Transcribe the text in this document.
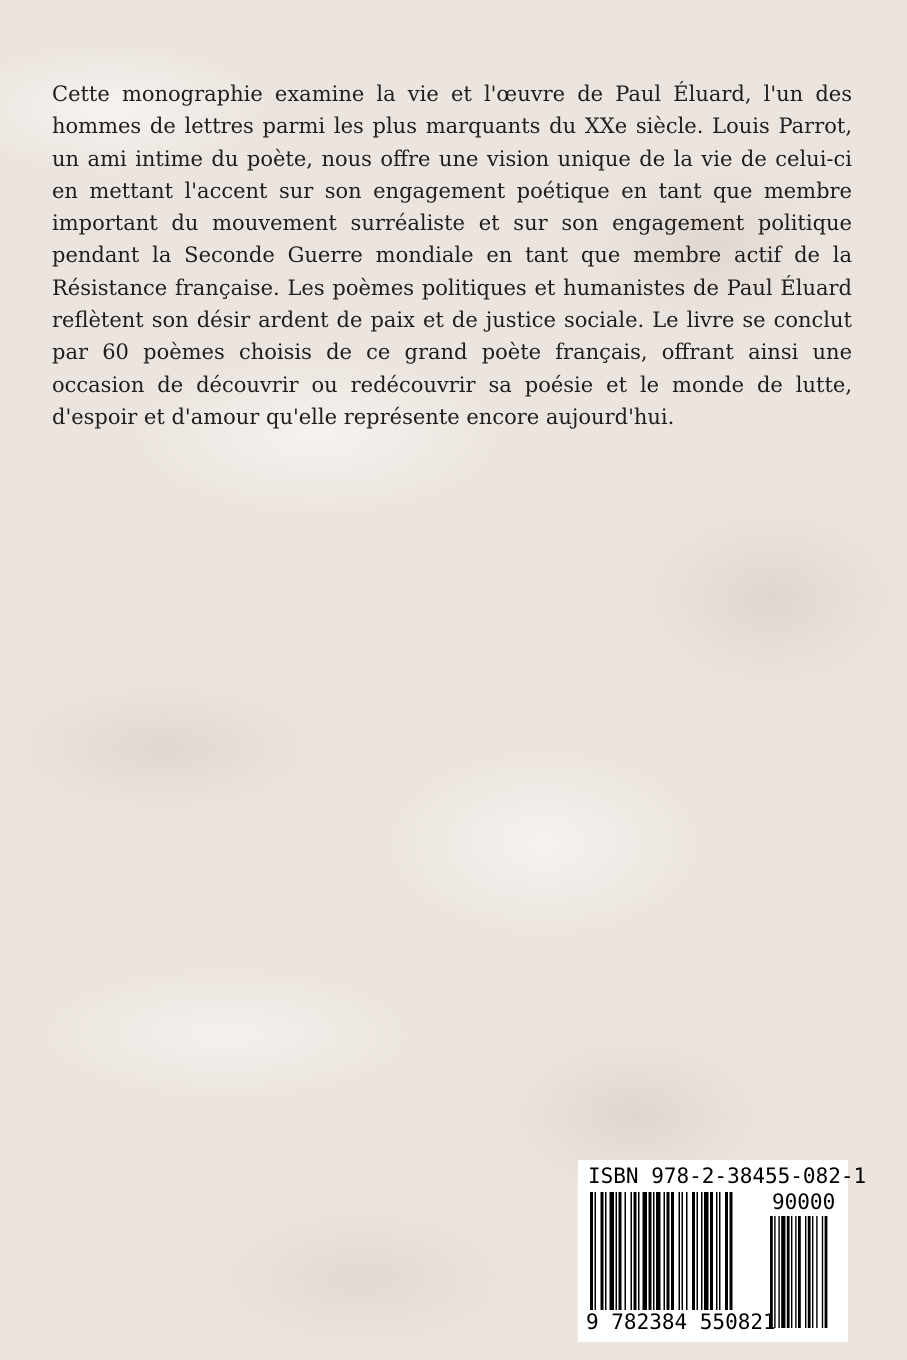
Cette monographie examine la vie et l'œuvre de Paul Éluard, l'un des hommes de lettres parmi les plus marquants du XXe siècle. Louis Parrot, un ami intime du poète, nous offre une vision unique de la vie de celui-ci en mettant l'accent sur son engagement poétique en tant que membre important du mouvement surréaliste et sur son engagement politique pendant la Seconde Guerre mondiale en tant que membre actif de la Résistance française. Les poèmes politiques et humanistes de Paul Éluard reflètent son désir ardent de paix et de justice sociale. Le livre se conclut par 60 poèmes choisis de ce grand poète français, offrant ainsi une occasion de découvrir ou redécouvrir sa poésie et le monde de lutte, d'espoir et d'amour qu'elle représente encore aujourd'hui.

ISBN 978-2-38455-082-1
90000
9 782384 550821
